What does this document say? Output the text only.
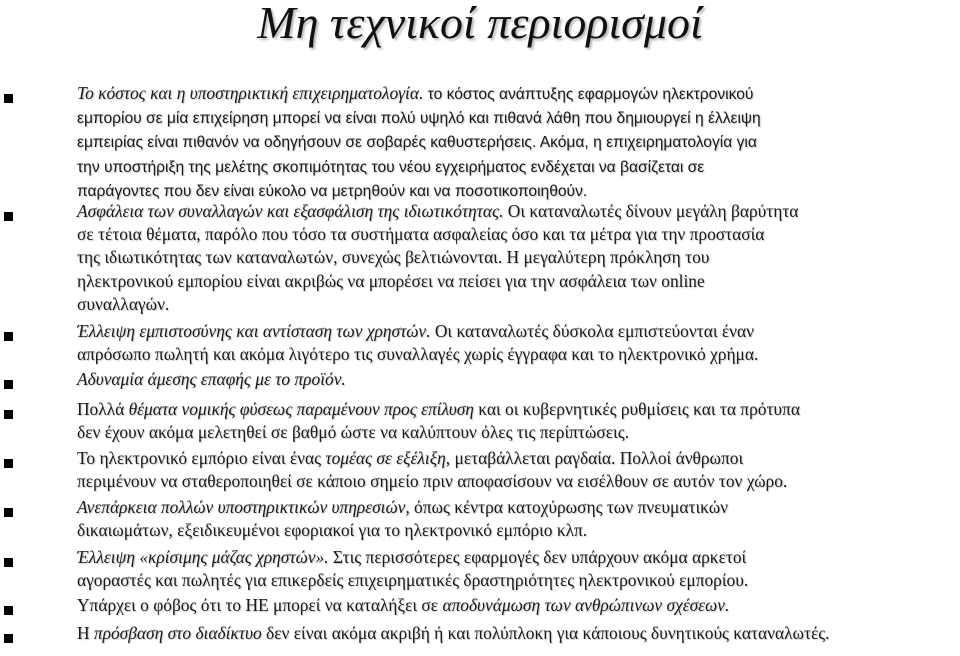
Μη τεχνικοί περιορισμοί
Το κόστος και η υποστηρικτική επιχειρηματολογία. το κόστος ανάπτυξης εφαρμογών ηλεκτρονικού
εμπορίου σε μία επιχείρηση μπορεί να είναι πολύ υψηλό και πιθανά λάθη που δημιουργεί η έλλειψη
εμπειρίας είναι πιθανόν να οδηγήσουν σε σοβαρές καθυστερήσεις. Ακόμα, η επιχειρηματολογία για
την υποστήριξη της μελέτης σκοπιμότητας του νέου εγχειρήματος ενδέχεται να βασίζεται σε
παράγοντες που δεν είναι εύκολο να μετρηθούν και να ποσοτικοποιηθούν.
Ασφάλεια των συναλλαγών και εξασφάλιση της ιδιωτικότητας. Οι καταναλωτές δίνουν μεγάλη βαρύτητα
σε τέτοια θέματα, παρόλο που τόσο τα συστήματα ασφαλείας όσο και τα μέτρα για την προστασία
της ιδιωτικότητας των καταναλωτών, συνεχώς βελτιώνονται. Η μεγαλύτερη πρόκληση του
ηλεκτρονικού εμπορίου είναι ακριβώς να μπορέσει να πείσει για την ασφάλεια των online
συναλλαγών.
Έλλειψη εμπιστοσύνης και αντίσταση των χρηστών. Οι καταναλωτές δύσκολα εμπιστεύονται έναν
απρόσωπο πωλητή και ακόμα λιγότερο τις συναλλαγές χωρίς έγγραφα και το ηλεκτρονικό χρήμα.
Αδυναμία άμεσης επαφής με το προϊόν.
Πολλά θέματα νομικής φύσεως παραμένουν προς επίλυση και οι κυβερνητικές ρυθμίσεις και τα πρότυπα
δεν έχουν ακόμα μελετηθεί σε βαθμό ώστε να καλύπτουν όλες τις περίπτώσεις.
Το ηλεκτρονικό εμπόριο είναι ένας τομέας σε εξέλιξη, μεταβάλλεται ραγδαία. Πολλοί άνθρωποι
περιμένουν να σταθεροποιηθεί σε κάποιο σημείο πριν αποφασίσουν να εισέλθουν σε αυτόν τον χώρο.
Ανεπάρκεια πολλών υποστηρικτικών υπηρεσιών, όπως κέντρα κατοχύρωσης των πνευματικών
δικαιωμάτων, εξειδικευμένοι εφοριακοί για το ηλεκτρονικό εμπόριο κλπ.
Έλλειψη «κρίσιμης μάζας χρηστών». Στις περισσότερες εφαρμογές δεν υπάρχουν ακόμα αρκετοί
αγοραστές και πωλητές για επικερδείς επιχειρηματικές δραστηριότητες ηλεκτρονικού εμπορίου.
Υπάρχει ο φόβος ότι το ΗΕ μπορεί να καταλήξει σε αποδυνάμωση των ανθρώπινων σχέσεων.
Η πρόσβαση στο διαδίκτυο δεν είναι ακόμα ακριβή ή και πολύπλοκη για κάποιους δυνητικούς καταναλωτές.
